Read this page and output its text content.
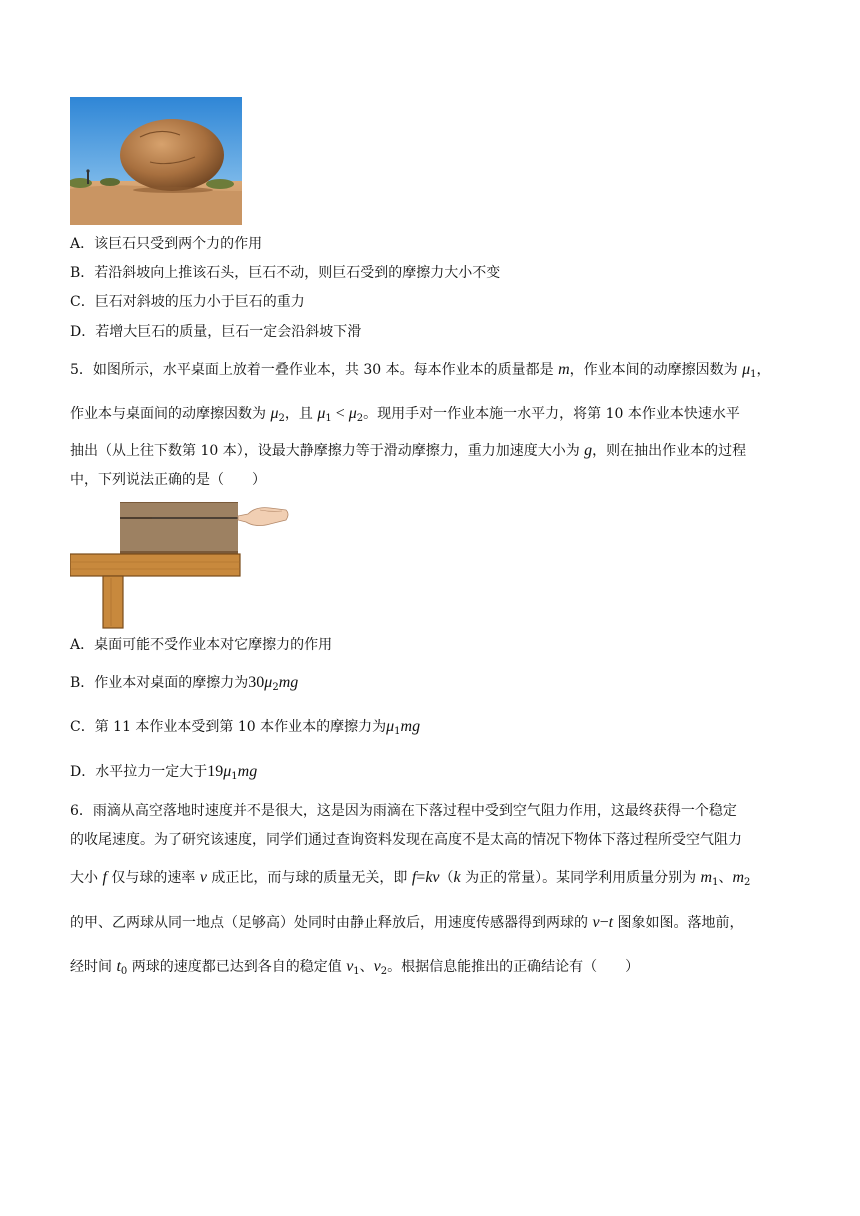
A．该巨石只受到两个力的作用
B．若沿斜坡向上推该石头，巨石不动，则巨石受到的摩擦力大小不变
C．巨石对斜坡的压力小于巨石的重力
D．若增大巨石的质量，巨石一定会沿斜坡下滑
5．如图所示，水平桌面上放着一叠作业本，共 30 本。每本作业本的质量都是 m，作业本间的动摩擦因数为 $\mu_1$，
作业本与桌面间的动摩擦因数为 $\mu_2$，且 $\mu_1 < \mu_2$。现用手对一作业本施一水平力，将第 10 本作业本快速水平
抽出（从上往下数第 10 本），设最大静摩擦力等于滑动摩擦力，重力加速度大小为 g，则在抽出作业本的过程
中，下列说法正确的是（　　）
A．桌面可能不受作业本对它摩擦力的作用
B．作业本对桌面的摩擦力为$30\mu_2mg$
C．第 11 本作业本受到第 10 本作业本的摩擦力为$\mu_1mg$
D．水平拉力一定大于$19\mu_1mg$
6．雨滴从高空落地时速度并不是很大，这是因为雨滴在下落过程中受到空气阻力作用，这最终获得一个稳定
的收尾速度。为了研究该速度，同学们通过查询资料发现在高度不是太高的情况下物体下落过程所受空气阻力
大小 f 仅与球的速率 v 成正比，而与球的质量无关，即 f=kv（k 为正的常量）。某同学利用质量分别为 $m_1$、$m_2$
的甲、乙两球从同一地点（足够高）处同时由静止释放后，用速度传感器得到两球的 v−t 图象如图。落地前，
经时间 $t_0$ 两球的速度都已达到各自的稳定值 $v_1$、$v_2$。根据信息能推出的正确结论有（　　）
